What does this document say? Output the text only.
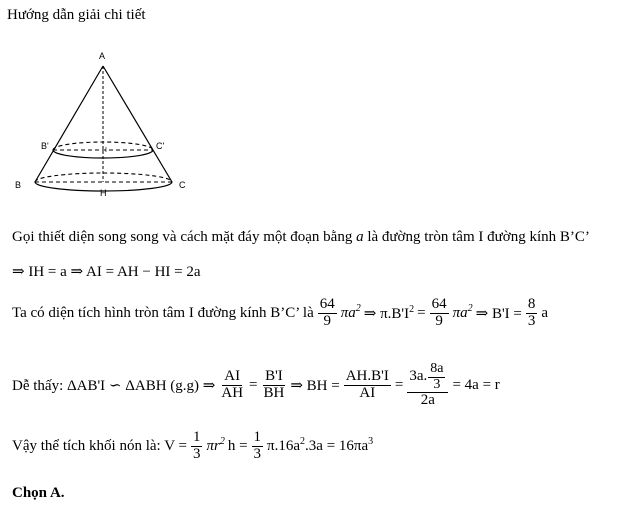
Hướng dẫn giải chi tiết
A
B'	C'
I
B	C
H
Gọi thiết diện song song và cách mặt đáy một đoạn bằng a là đường tròn tâm I đường kính B’C’
⇒ IH = a ⇒ AI = AH − HI = 2a
Ta có diện tích hình tròn tâm I đường kính B’C’ là $\frac{64}{9} \pi a^2$ ⇒ $\pi.B'I^2 = \frac{64}{9} \pi a^2$ ⇒ $B'I = \frac{8}{3}$ a
Dễ thấy: ΔAB'I ∽ ΔABH (g.g) ⇒ $\frac{AI}{AH} = \frac{B'I}{BH}$ ⇒ BH = $\frac{AH.B'I}{AI} = \frac{3a. \frac{8a}{3}}{2a} = 4a = r$
Vậy thể tích khối nón là: $V = \frac{1}{3} \pi r^2$ $h = \frac{1}{3} \pi.16a^2.3a = 16\pi a^3$
Chọn A.
